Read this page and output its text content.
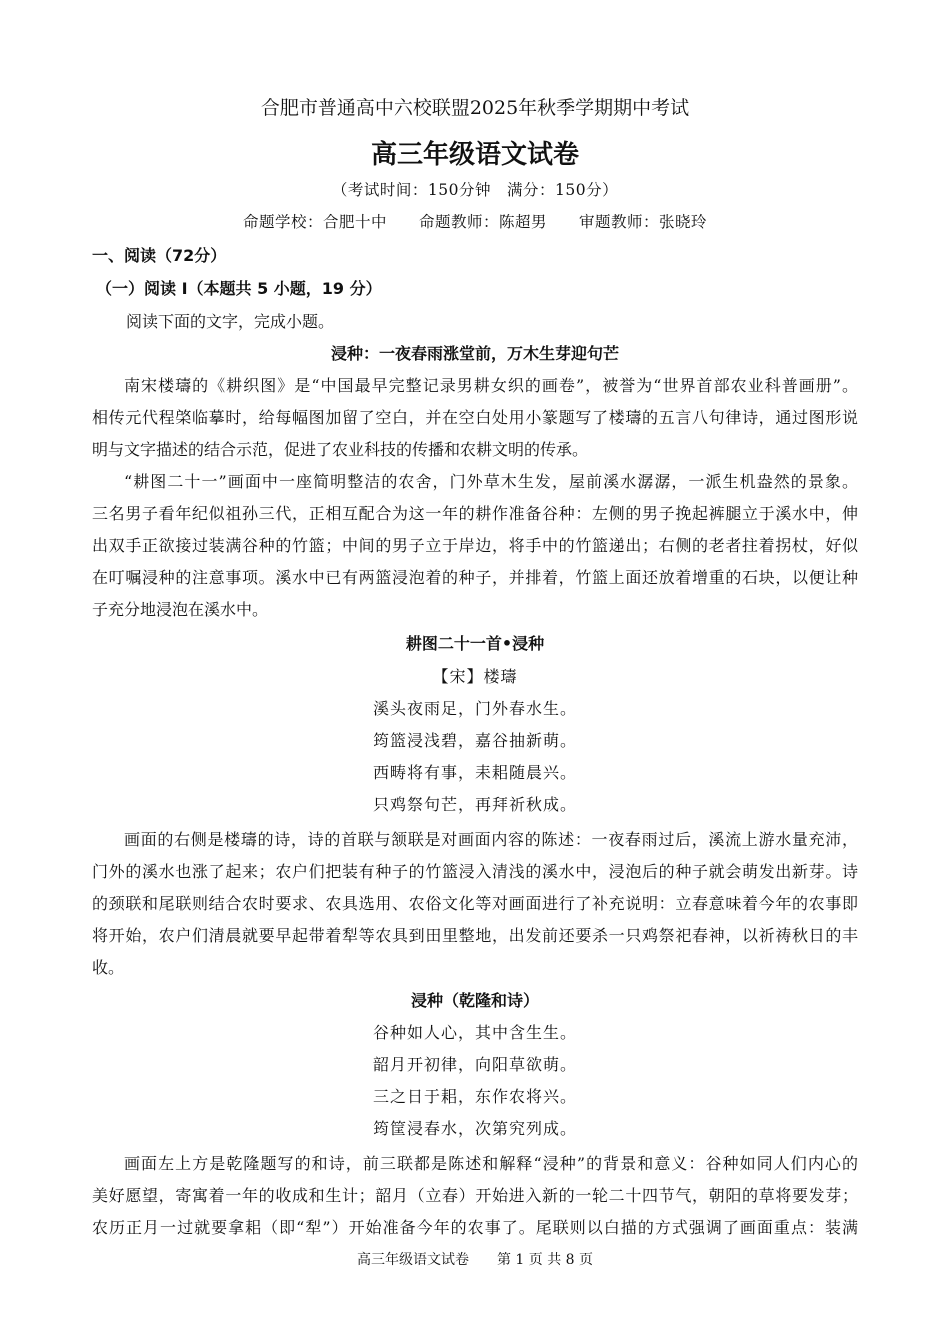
合肥市普通高中六校联盟2025年秋季学期期中考试
高三年级语文试卷
（考试时间：150分钟　满分：150分）
命题学校：合肥十中　　命题教师：陈超男　　审题教师：张晓玲
一、阅读（72分）
（一）阅读 I（本题共 5 小题，19 分）
阅读下面的文字，完成小题。
浸种：一夜春雨涨堂前，万木生芽迎句芒
南宋楼璹的《耕织图》是“中国最早完整记录男耕女织的画卷”，被誉为“世界首部农业科普画册”。
相传元代程棨临摹时，给每幅图加留了空白，并在空白处用小篆题写了楼璹的五言八句律诗，通过图形说
明与文字描述的结合示范，促进了农业科技的传播和农耕文明的传承。
“耕图二十一”画面中一座简明整洁的农舍，门外草木生发，屋前溪水潺潺，一派生机盎然的景象。
三名男子看年纪似祖孙三代，正相互配合为这一年的耕作准备谷种：左侧的男子挽起裤腿立于溪水中，伸
出双手正欲接过装满谷种的竹篮；中间的男子立于岸边，将手中的竹篮递出；右侧的老者拄着拐杖，好似
在叮嘱浸种的注意事项。溪水中已有两篮浸泡着的种子，并排着，竹篮上面还放着增重的石块，以便让种
子充分地浸泡在溪水中。
耕图二十一首•浸种
【宋】楼璹
溪头夜雨足，门外春水生。
筠篮浸浅碧，嘉谷抽新萌。
西畴将有事，耒耜随晨兴。
只鸡祭句芒，再拜祈秋成。
画面的右侧是楼璹的诗，诗的首联与颔联是对画面内容的陈述：一夜春雨过后，溪流上游水量充沛，
门外的溪水也涨了起来；农户们把装有种子的竹篮浸入清浅的溪水中，浸泡后的种子就会萌发出新芽。诗
的颈联和尾联则结合农时要求、农具选用、农俗文化等对画面进行了补充说明：立春意味着今年的农事即
将开始，农户们清晨就要早起带着犁等农具到田里整地，出发前还要杀一只鸡祭祀春神，以祈祷秋日的丰
收。
浸种（乾隆和诗）
谷种如人心，其中含生生。
韶月开初律，向阳草欲萌。
三之日于耜，东作农将兴。
筠筐浸春水，次第究列成。
画面左上方是乾隆题写的和诗，前三联都是陈述和解释“浸种”的背景和意义：谷种如同人们内心的
美好愿望，寄寓着一年的收成和生计；韶月（立春）开始进入新的一轮二十四节气，朝阳的草将要发芽；
农历正月一过就要拿耜（即“犁”）开始准备今年的农事了。尾联则以白描的方式强调了画面重点：装满
高三年级语文试卷　　第 1 页 共 8 页
